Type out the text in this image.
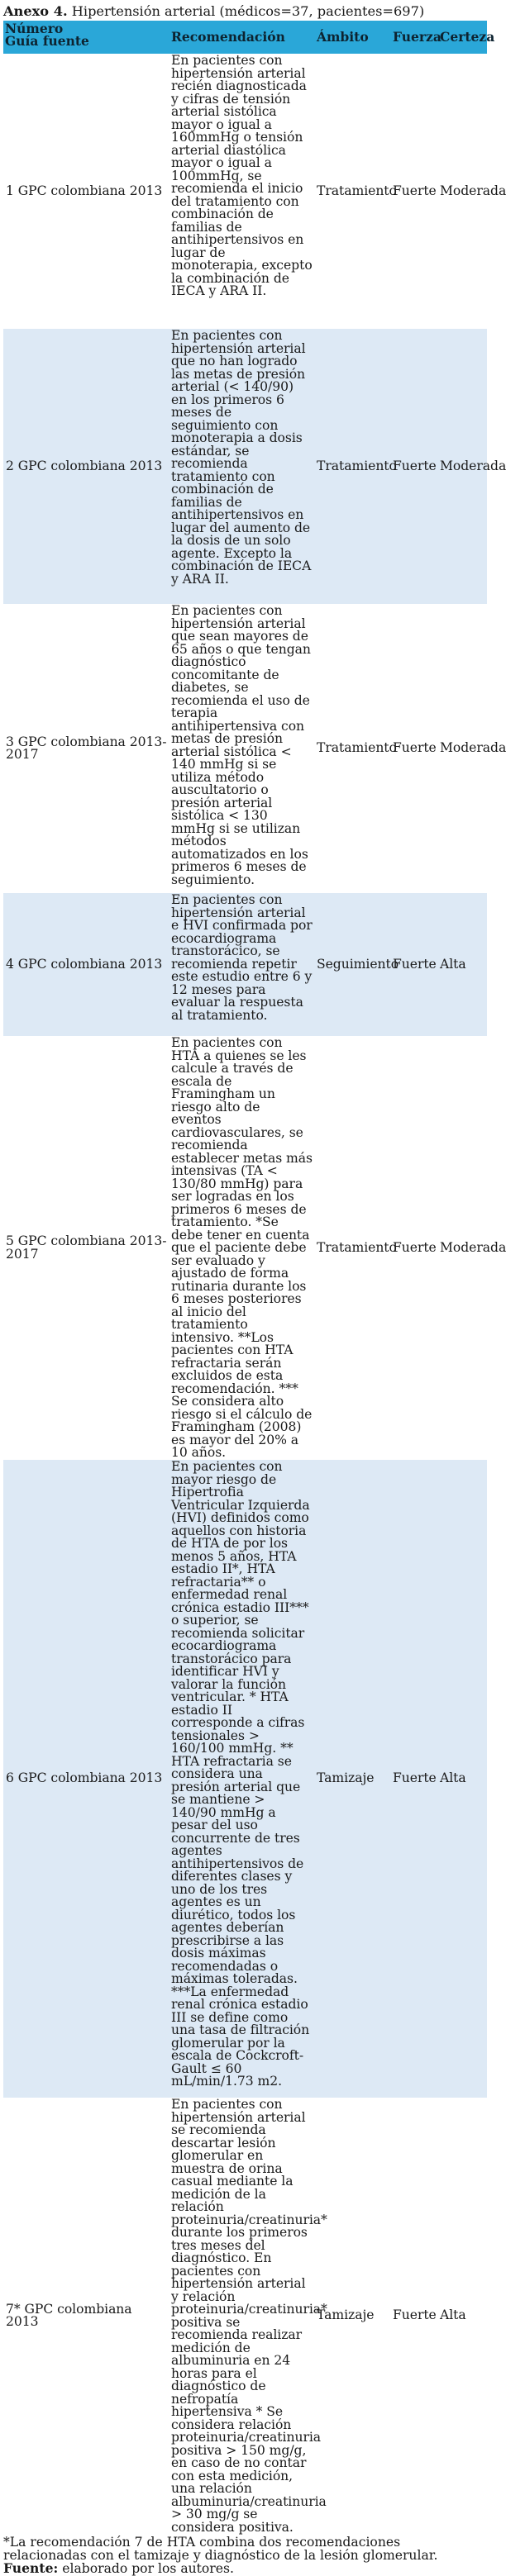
Anexo 4. Hipertensión arterial (médicos=37, pacientes=697)
Número
Guía fuente	Recomendación	Ámbito	Fuerza	Certeza
1 GPC colombiana 2013	En pacientes con hipertensión arterial recién diagnosticada y cifras de tensión arterial sistólica mayor o igual a 160mmHg o tensión arterial diastólica mayor o igual a 100mmHg, se recomienda el inicio del tratamiento con combinación de familias de antihipertensivos en lugar de monoterapia, excepto la combinación de IECA y ARA II.	Tratamiento	Fuerte	Moderada
2 GPC colombiana 2013	En pacientes con hipertensión arterial que no han logrado las metas de presión arterial (< 140/90) en los primeros 6 meses de seguimiento con monoterapia a dosis estándar, se recomienda tratamiento con combinación de familias de antihipertensivos en lugar del aumento de la dosis de un solo agente. Excepto la combinación de IECA y ARA II.	Tratamiento	Fuerte	Moderada
3 GPC colombiana 2013-2017	En pacientes con hipertensión arterial que sean mayores de 65 años o que tengan diagnóstico concomitante de diabetes, se recomienda el uso de terapia antihipertensiva con metas de presión arterial sistólica < 140 mmHg si se utiliza método auscultatorio o presión arterial sistólica < 130 mmHg si se utilizan métodos automatizados en los primeros 6 meses de seguimiento.	Tratamiento	Fuerte	Moderada
4 GPC colombiana 2013	En pacientes con hipertensión arterial e HVI confirmada por ecocardiograma transtorácico, se recomienda repetir este estudio entre 6 y 12 meses para evaluar la respuesta al tratamiento.	Seguimiento	Fuerte	Alta
5 GPC colombiana 2013-2017	En pacientes con HTA a quienes se les calcule a través de escala de Framingham un riesgo alto de eventos cardiovasculares, se recomienda establecer metas más intensivas (TA < 130/80 mmHg) para ser logradas en los primeros 6 meses de tratamiento. *Se debe tener en cuenta que el paciente debe ser evaluado y ajustado de forma rutinaria durante los 6 meses posteriores al inicio del tratamiento intensivo. **Los pacientes con HTA refractaria serán excluidos de esta recomendación. *** Se considera alto riesgo si el cálculo de Framingham (2008) es mayor del 20% a 10 años.	Tratamiento	Fuerte	Moderada
6 GPC colombiana 2013	En pacientes con mayor riesgo de Hipertrofia Ventricular Izquierda (HVI) definidos como aquellos con historia de HTA de por los menos 5 años, HTA estadio II*, HTA refractaria** o enfermedad renal crónica estadio III*** o superior, se recomienda solicitar ecocardiograma transtorácico para identificar HVI y valorar la función ventricular. * HTA estadio II corresponde a cifras tensionales > 160/100 mmHg. ** HTA refractaria se considera una presión arterial que se mantiene > 140/90 mmHg a pesar del uso concurrente de tres agentes antihipertensivos de diferentes clases y uno de los tres agentes es un diurético, todos los agentes deberían prescribirse a las dosis máximas recomendadas o máximas toleradas. ***La enfermedad renal crónica estadio III se define como una tasa de filtración glomerular por la escala de Cockcroft-Gault ≤ 60 mL/min/1.73 m2.	Tamizaje	Fuerte	Alta
7* GPC colombiana 2013	En pacientes con hipertensión arterial se recomienda descartar lesión glomerular en muestra de orina casual mediante la medición de la relación proteinuria/creatinuria* durante los primeros tres meses del diagnóstico. En pacientes con hipertensión arterial y relación proteinuria/creatinuria* positiva se recomienda realizar medición de albuminuria en 24 horas para el diagnóstico de nefropatía hipertensiva * Se considera relación proteinuria/creatinuria positiva > 150 mg/g, en caso de no contar con esta medición, una relación albuminuria/creatinuria > 30 mg/g se considera positiva.	Tamizaje	Fuerte	Alta
*La recomendación 7 de HTA combina dos recomendaciones relacionadas con el tamizaje y diagnóstico de la lesión glomerular.
Fuente: elaborado por los autores.
